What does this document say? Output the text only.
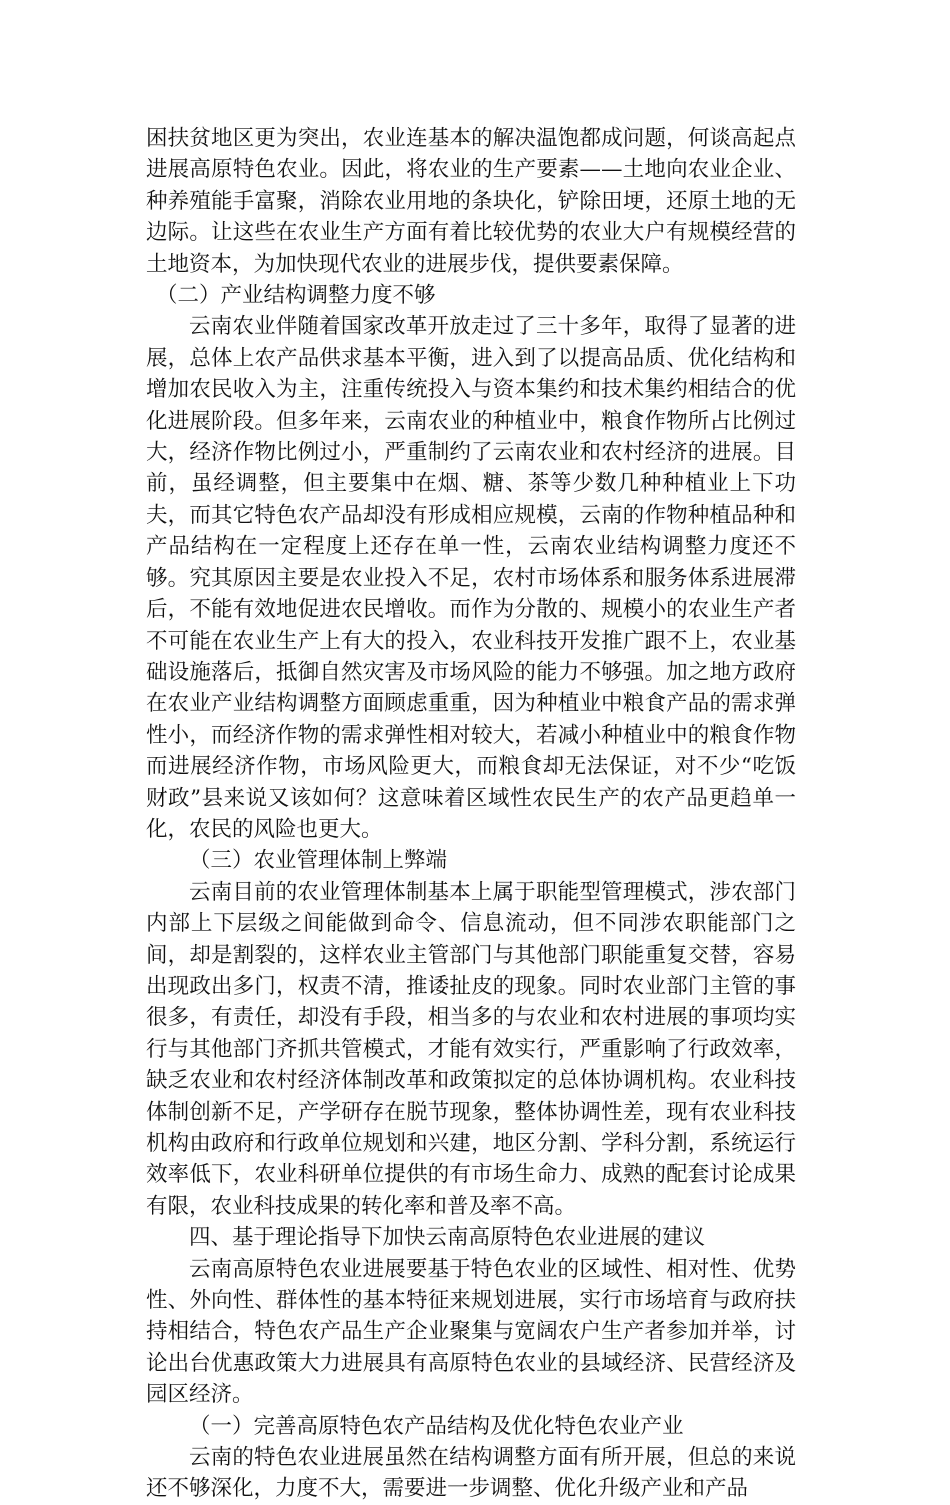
困扶贫地区更为突出，农业连基本的解决温饱都成问题，何谈高起点进展高原特色农业。因此，将农业的生产要素——土地向农业企业、种养殖能手富聚，消除农业用地的条块化，铲除田埂，还原土地的无边际。让这些在农业生产方面有着比较优势的农业大户有规模经营的土地资本，为加快现代农业的进展步伐，提供要素保障。

（二）产业结构调整力度不够

云南农业伴随着国家改革开放走过了三十多年，取得了显著的进展，总体上农产品供求基本平衡，进入到了以提高品质、优化结构和增加农民收入为主，注重传统投入与资本集约和技术集约相结合的优化进展阶段。但多年来，云南农业的种植业中，粮食作物所占比例过大，经济作物比例过小，严重制约了云南农业和农村经济的进展。目前，虽经调整，但主要集中在烟、糖、茶等少数几种种植业上下功夫，而其它特色农产品却没有形成相应规模，云南的作物种植品种和产品结构在一定程度上还存在单一性，云南农业结构调整力度还不够。究其原因主要是农业投入不足，农村市场体系和服务体系进展滞后，不能有效地促进农民增收。而作为分散的、规模小的农业生产者不可能在农业生产上有大的投入，农业科技开发推广跟不上，农业基础设施落后，抵御自然灾害及市场风险的能力不够强。加之地方政府在农业产业结构调整方面顾虑重重，因为种植业中粮食产品的需求弹性小，而经济作物的需求弹性相对较大，若减小种植业中的粮食作物而进展经济作物，市场风险更大，而粮食却无法保证，对不少“吃饭财政”县来说又该如何？这意味着区域性农民生产的农产品更趋单一化，农民的风险也更大。

（三）农业管理体制上弊端

云南目前的农业管理体制基本上属于职能型管理模式，涉农部门内部上下层级之间能做到命令、信息流动，但不同涉农职能部门之间，却是割裂的，这样农业主管部门与其他部门职能重复交替，容易出现政出多门，权责不清，推诿扯皮的现象。同时农业部门主管的事很多，有责任，却没有手段，相当多的与农业和农村进展的事项均实行与其他部门齐抓共管模式，才能有效实行，严重影响了行政效率，缺乏农业和农村经济体制改革和政策拟定的总体协调机构。农业科技体制创新不足，产学研存在脱节现象，整体协调性差，现有农业科技机构由政府和行政单位规划和兴建，地区分割、学科分割，系统运行效率低下，农业科研单位提供的有市场生命力、成熟的配套讨论成果有限，农业科技成果的转化率和普及率不高。

四、基于理论指导下加快云南高原特色农业进展的建议

云南高原特色农业进展要基于特色农业的区域性、相对性、优势性、外向性、群体性的基本特征来规划进展，实行市场培育与政府扶持相结合，特色农产品生产企业聚集与宽阔农户生产者参加并举，讨论出台优惠政策大力进展具有高原特色农业的县域经济、民营经济及园区经济。

（一）完善高原特色农产品结构及优化特色农业产业

云南的特色农业进展虽然在结构调整方面有所开展，但总的来说还不够深化，力度不大，需要进一步调整、优化升级产业和产品
